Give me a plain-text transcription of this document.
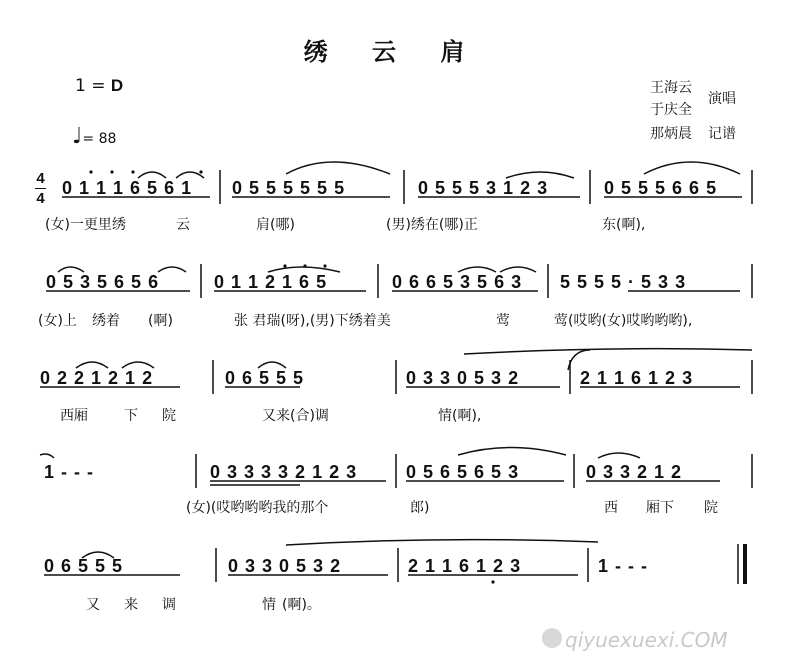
绣 云 肩
1 = D
♩= 88
王海云
于庆全
演唱
那炳晨 记谱
4
4
0 1 1 1 6 5 6 1 0 5 5 5 5 5 5	0 5 5 5 3 1 2 3	0 5 5 5 6 6 5
(女)一更里绣	云	肩(哪)	(男)绣在(哪)正	东(啊),
0 5 3 5 6 5 6	0 1 1 2 1 6 5	0 6 6 5 3 5 6 3 5 5 5 5 · 5 3 3
(女)上 绣着 (啊)	张 君瑞(呀),(男)下绣着美	莺	莺(哎哟(女)哎哟哟哟),
0 2 2 1 2 1 2	0 6 5 5 5	0 3 3 0 5 3 2	2 1 1 6 1 2 3
西厢	下 院	又来(合)调	情(啊),
1 - - -	0 3 3 3 3 2 1 2 3	0 5 6 5 6 5 3	0 3 3 2 1 2
(女)(哎哟哟哟我的那个	郎)	西 厢下 院
0 6 5 5 5	0 3 3 0 5 3 2	2 1 1 6 1 2 3	1 - - -
又 来 调	情 (啊)。
qiyuexuexi.COM
